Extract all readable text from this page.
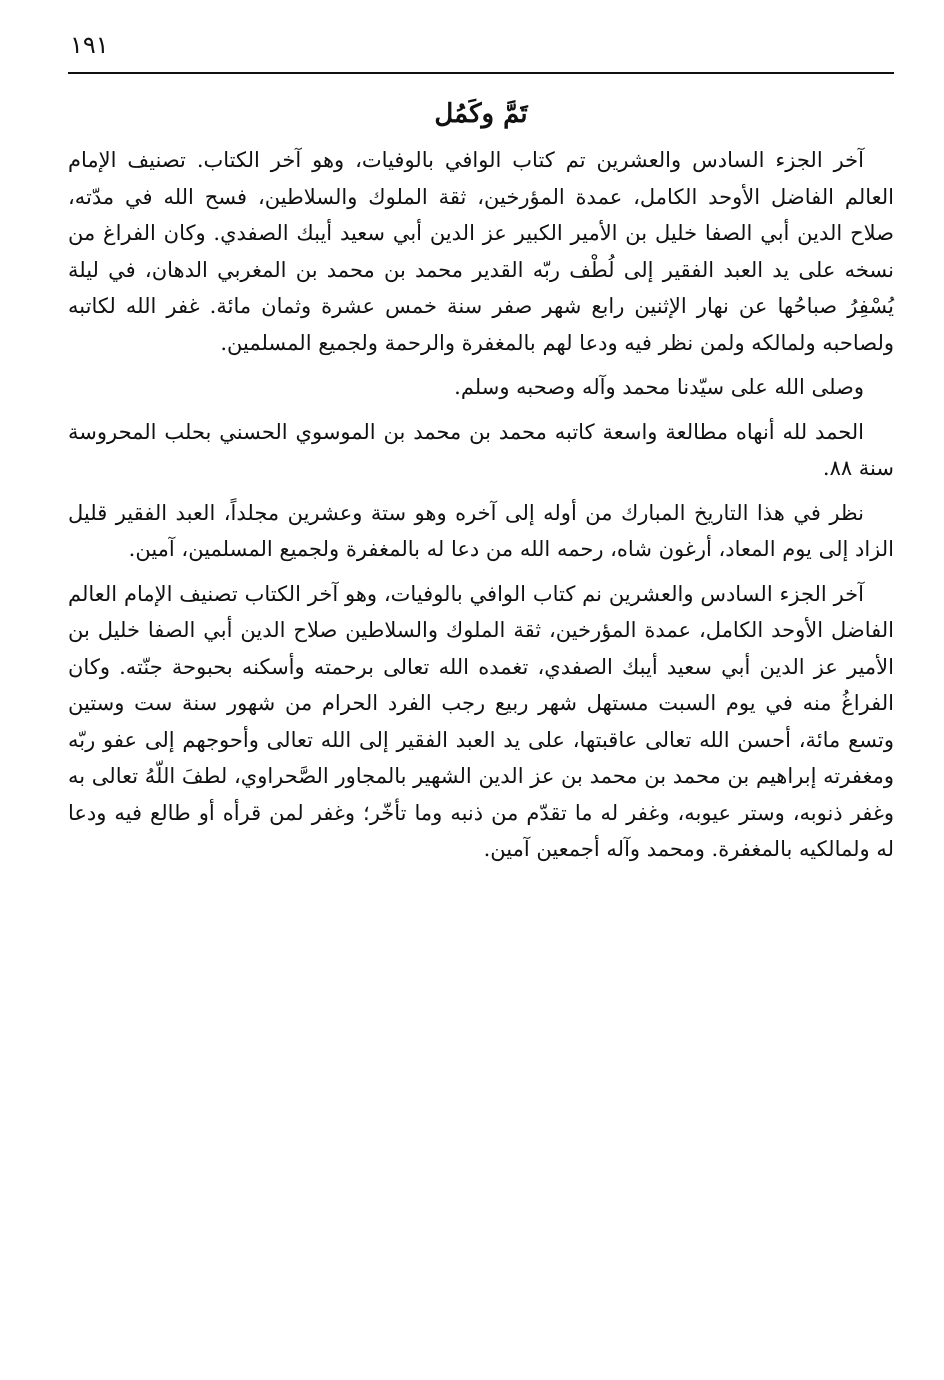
١٩١
تَمَّ وكَمُل

آخر الجزء السادس والعشرين تم كتاب الوافي بالوفيات، وهو آخر الكتاب. تصنيف الإمام العالم الفاضل الأوحد الكامل، عمدة المؤرخين، ثقة الملوك والسلاطين، فسح الله في مدّته، صلاح الدين أبي الصفا خليل بن الأمير الكبير عز الدين أبي سعيد أيبك الصفدي. وكان الفراغ من نسخه على يد العبد الفقير إلى لُطْف ربّه القدير محمد بن محمد بن المغربي الدهان، في ليلة يُسْفِرُ صباحُها عن نهار الإثنين رابع شهر صفر سنة خمس عشرة وثمان مائة. غفر الله لكاتبه ولصاحبه ولمالكه ولمن نظر فيه ودعا لهم بالمغفرة والرحمة ولجميع المسلمين.

وصلى الله على سيّدنا محمد وآله وصحبه وسلم.

الحمد لله أنهاه مطالعة واسعة كاتبه محمد بن محمد بن الموسوي الحسني بحلب المحروسة سنة ٨٨.

نظر في هذا التاريخ المبارك من أوله إلى آخره وهو ستة وعشرين مجلداً، العبد الفقير قليل الزاد إلى يوم المعاد، أرغون شاه، رحمه الله من دعا له بالمغفرة ولجميع المسلمين، آمين.

آخر الجزء السادس والعشرين نم كتاب الوافي بالوفيات، وهو آخر الكتاب تصنيف الإمام العالم الفاضل الأوحد الكامل، عمدة المؤرخين، ثقة الملوك والسلاطين صلاح الدين أبي الصفا خليل بن الأمير عز الدين أبي سعيد أيبك الصفدي، تغمده الله تعالى برحمته وأسكنه بحبوحة جنّته. وكان الفراغُ منه في يوم السبت مستهل شهر ربيع رجب الفرد الحرام من شهور سنة ست وستين وتسع مائة، أحسن الله تعالى عاقبتها، على يد العبد الفقير إلى الله تعالى وأحوجهم إلى عفو ربّه ومغفرته إبراهيم بن محمد بن محمد بن عز الدين الشهير بالمجاور الصَّحراوي، لطفَ اللّهُ تعالى به وغفر ذنوبه، وستر عيوبه، وغفر له ما تقدّم من ذنبه وما تأخّر؛ وغفر لمن قرأه أو طالع فيه ودعا له ولمالكيه بالمغفرة. ومحمد وآله أجمعين آمين.
